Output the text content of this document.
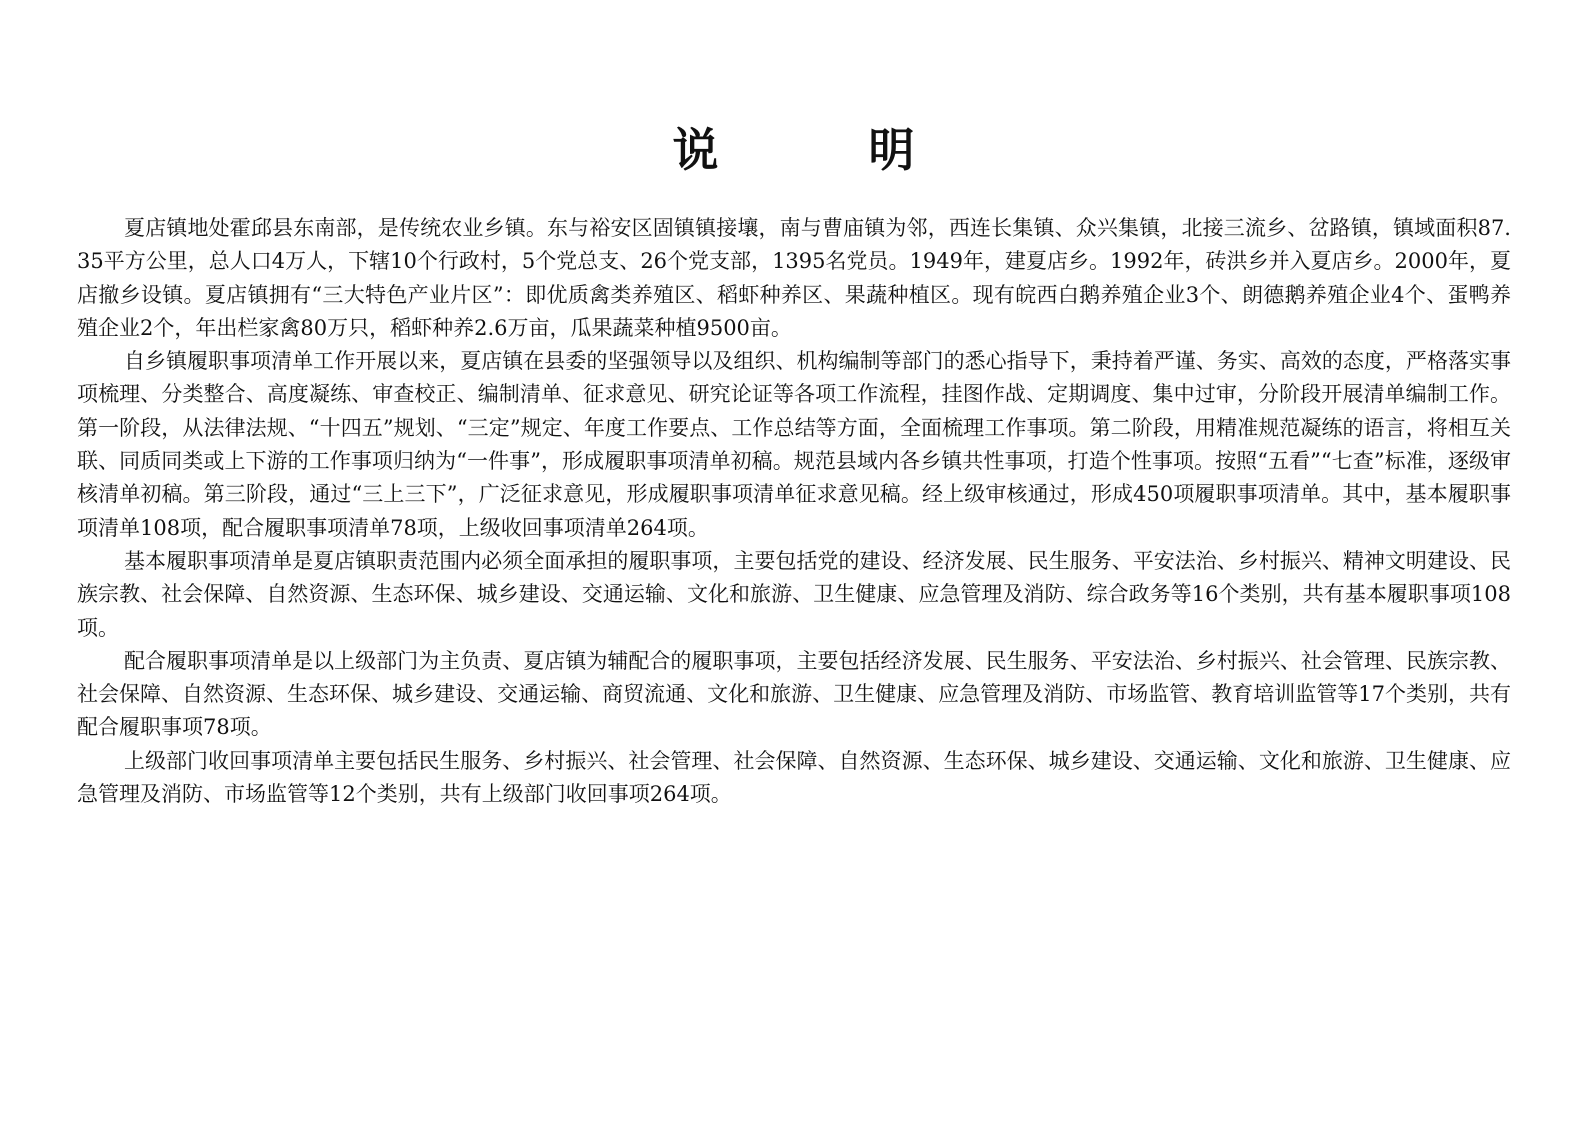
说　明

夏店镇地处霍邱县东南部，是传统农业乡镇。东与裕安区固镇镇接壤，南与曹庙镇为邻，西连长集镇、众兴集镇，北接三流乡、岔路镇，镇域面积87.35平方公里，总人口4万人，下辖10个行政村，5个党总支、26个党支部，1395名党员。1949年，建夏店乡。1992年，砖洪乡并入夏店乡。2000年，夏店撤乡设镇。夏店镇拥有“三大特色产业片区”：即优质禽类养殖区、稻虾种养区、果蔬种植区。现有皖西白鹅养殖企业3个、朗德鹅养殖企业4个、蛋鸭养殖企业2个，年出栏家禽80万只，稻虾种养2.6万亩，瓜果蔬菜种植9500亩。

自乡镇履职事项清单工作开展以来，夏店镇在县委的坚强领导以及组织、机构编制等部门的悉心指导下，秉持着严谨、务实、高效的态度，严格落实事项梳理、分类整合、高度凝练、审查校正、编制清单、征求意见、研究论证等各项工作流程，挂图作战、定期调度、集中过审，分阶段开展清单编制工作。第一阶段，从法律法规、“十四五”规划、“三定”规定、年度工作要点、工作总结等方面，全面梳理工作事项。第二阶段，用精准规范凝练的语言，将相互关联、同质同类或上下游的工作事项归纳为“一件事”，形成履职事项清单初稿。规范县域内各乡镇共性事项，打造个性事项。按照“五看”“七查”标准，逐级审核清单初稿。第三阶段，通过“三上三下”，广泛征求意见，形成履职事项清单征求意见稿。经上级审核通过，形成450项履职事项清单。其中，基本履职事项清单108项，配合履职事项清单78项，上级收回事项清单264项。

基本履职事项清单是夏店镇职责范围内必须全面承担的履职事项，主要包括党的建设、经济发展、民生服务、平安法治、乡村振兴、精神文明建设、民族宗教、社会保障、自然资源、生态环保、城乡建设、交通运输、文化和旅游、卫生健康、应急管理及消防、综合政务等16个类别，共有基本履职事项108项。

配合履职事项清单是以上级部门为主负责、夏店镇为辅配合的履职事项，主要包括经济发展、民生服务、平安法治、乡村振兴、社会管理、民族宗教、社会保障、自然资源、生态环保、城乡建设、交通运输、商贸流通、文化和旅游、卫生健康、应急管理及消防、市场监管、教育培训监管等17个类别，共有配合履职事项78项。

上级部门收回事项清单主要包括民生服务、乡村振兴、社会管理、社会保障、自然资源、生态环保、城乡建设、交通运输、文化和旅游、卫生健康、应急管理及消防、市场监管等12个类别，共有上级部门收回事项264项。
